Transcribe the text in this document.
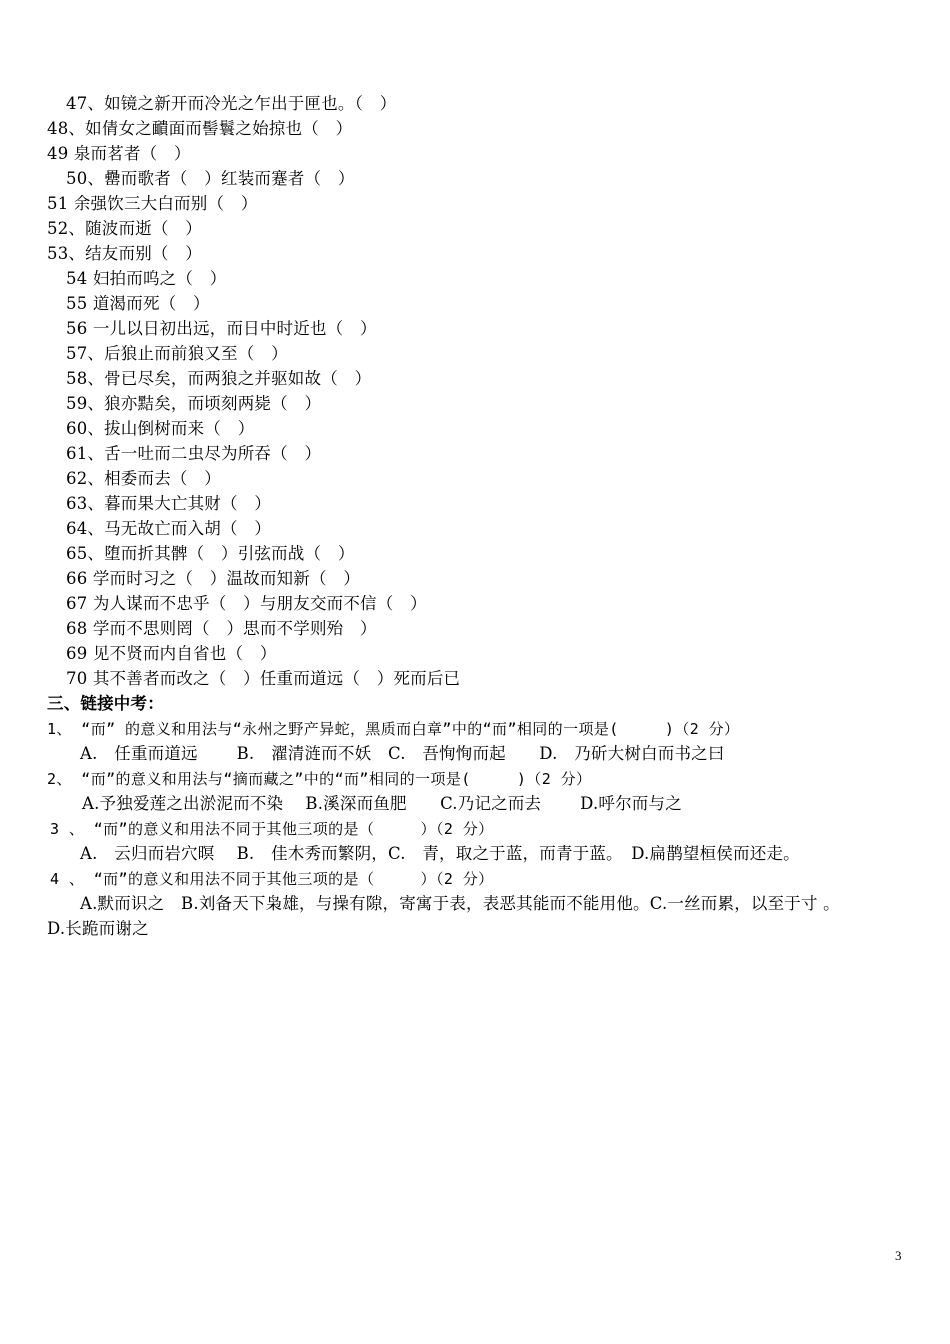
47、如镜之新开而冷光之乍出于匣也。（　）
48、如倩女之靧面而髻鬟之始掠也（　）
49 泉而茗者（　）
50、罍而歌者（　）红装而蹇者（　）
51 余强饮三大白而别（　）
52、随波而逝（　）
53、结友而别（　）
54 妇拍而呜之（　）
55 道渴而死（　）
56 一儿以日初出远，而日中时近也（　）
57、后狼止而前狼又至（　）
58、骨已尽矣，而两狼之并驱如故（　）
59、狼亦黠矣，而顷刻两毙（　）
60、拔山倒树而来（　）
61、舌一吐而二虫尽为所吞（　）
62、相委而去（　）
63、暮而果大亡其财（　）
64、马无故亡而入胡（　）
65、堕而折其髀（　）引弦而战（　）
66 学而时习之（　）温故而知新（　）
67 为人谋而不忠乎（　）与朋友交而不信（　）
68 学而不思则罔（　）思而不学则殆　）
69 见不贤而内自省也（　）
70 其不善者而改之（　）任重而道远（　）死而后已
三、链接中考：
1、 “而” 的意义和用法与“永州之野产异蛇，黑质而白章”中的“而”相同的一项是(　　　)（2 分）
A.　任重而道远　　 B.　濯清涟而不妖　C.　吾恂恂而起　　D.　乃斫大树白而书之曰
2、 “而”的意义和用法与“摘而藏之”中的“而”相同的一项是(　　　)（2 分）
A.予独爱莲之出淤泥而不染　 B.溪深而鱼肥　　C.乃记之而去　　 D.呼尔而与之
3 、 “而”的意义和用法不同于其他三项的是（　　　）（2 分）
A.　云归而岩穴暝　 B.　佳木秀而繁阴，C.　青，取之于蓝，而青于蓝。　D.扁鹊望桓侯而还走。
4 、 “而”的意义和用法不同于其他三项的是（　　　）（2 分）
A.默而识之　B.刘备天下枭雄，与操有隙，寄寓于表，表恶其能而不能用他。C.一丝而累，以至于寸 。
D.长跪而谢之
3
